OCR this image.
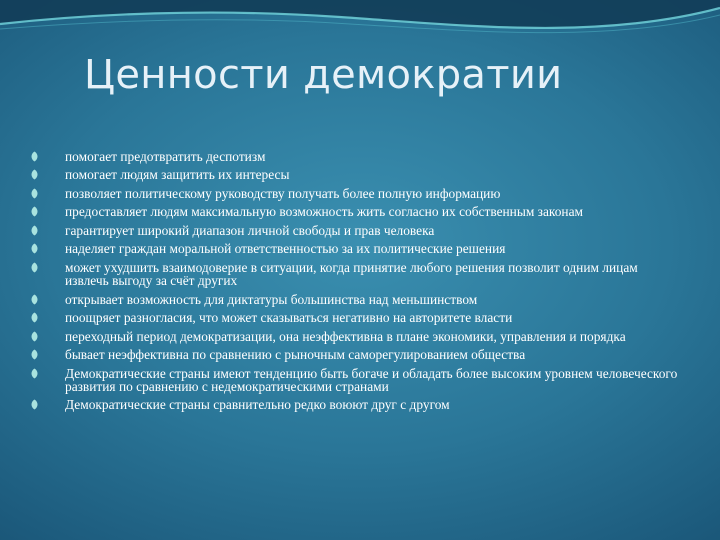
Ценности демократии
помогает предотвратить деспотизм
помогает людям защитить их интересы
позволяет политическому руководству получать более полную информацию
предоставляет людям максимальную возможность жить согласно их собственным законам
гарантирует широкий диапазон личной свободы и прав человека
наделяет граждан моральной ответственностью за их политические решения
может ухудшить взаимодоверие в ситуации, когда принятие любого решения позволит одним лицам извлечь выгоду за счёт других
открывает возможность для диктатуры большинства над меньшинством
поощряет разногласия, что может сказываться негативно на авторитете власти
переходный период демократизации, она неэффективна в плане экономики, управления и порядка
бывает неэффективна по сравнению с рыночным саморегулированием общества
Демократические страны имеют тенденцию быть богаче и обладать более высоким уровнем человеческого развития по сравнению с недемократическими странами
Демократические страны сравнительно редко воюют друг с другом
